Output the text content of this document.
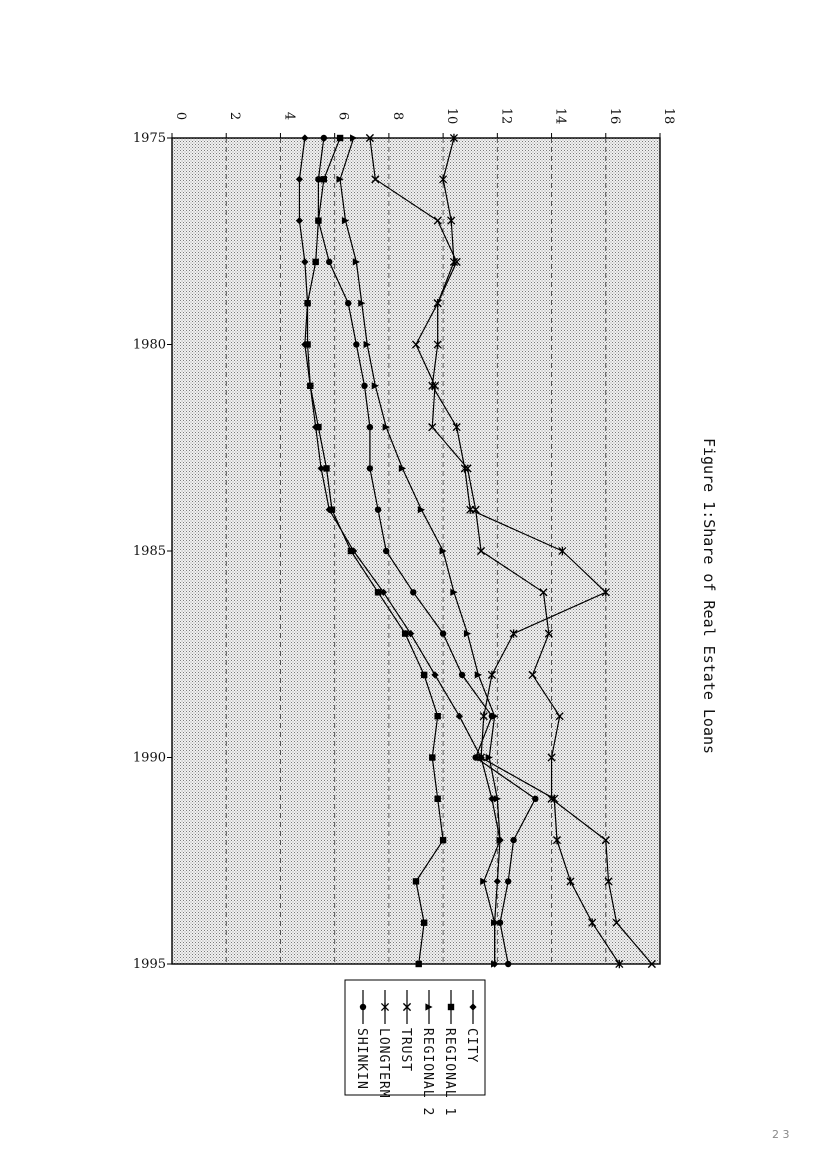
0	2	4	6	8	10	12	14	16	18
1975
1980
1985
1990
1995
CITY
REGIONAL 1
REGIONAL 2
TRUST
LONGTERM
SHINKIN
Figure 1:Share of Real Estate Loans
2 3
